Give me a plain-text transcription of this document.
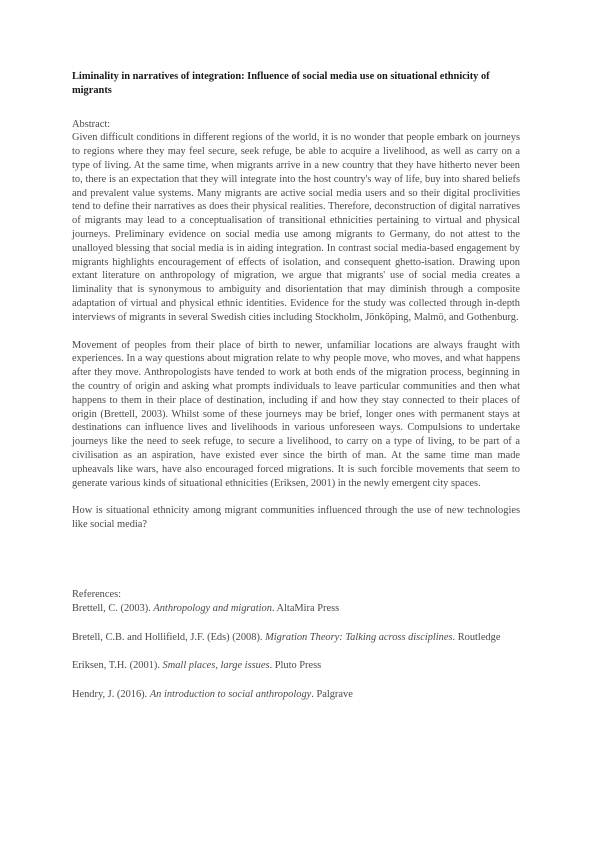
Liminality in narratives of integration: Influence of social media use on situational ethnicity of migrants

Abstract:

Given difficult conditions in different regions of the world, it is no wonder that people embark on journeys to regions where they may feel secure, seek refuge, be able to acquire a livelihood, as well as carry on a type of living. At the same time, when migrants arrive in a new country that they have hitherto never been to, there is an expectation that they will integrate into the host country's way of life, buy into shared beliefs and prevalent value systems. Many migrants are active social media users and so their digital proclivities tend to define their narratives as does their physical realities. Therefore, deconstruction of digital narratives of migrants may lead to a conceptualisation of transitional ethnicities pertaining to virtual and physical journeys. Preliminary evidence on social media use among migrants to Germany, do not attest to the unalloyed blessing that social media is in aiding integration. In contrast social media-based engagement by migrants highlights encouragement of effects of isolation, and consequent ghetto-isation. Drawing upon extant literature on anthropology of migration, we argue that migrants' use of social media creates a liminality that is synonymous to ambiguity and disorientation that may diminish through a composite adaptation of virtual and physical ethnic identities. Evidence for the study was collected through in-depth interviews of migrants in several Swedish cities including Stockholm, Jönköping, Malmö, and Gothenburg.

Movement of peoples from their place of birth to newer, unfamiliar locations are always fraught with experiences. In a way questions about migration relate to why people move, who moves, and what happens after they move. Anthropologists have tended to work at both ends of the migration process, beginning in the country of origin and asking what prompts individuals to leave particular communities and then what happens to them in their place of destination, including if and how they stay connected to their places of origin (Brettell, 2003). Whilst some of these journeys may be brief, longer ones with permanent stays at destinations can influence lives and livelihoods in various unforeseen ways. Compulsions to undertake journeys like the need to seek refuge, to secure a livelihood, to carry on a type of living, to be part of a civilisation as an aspiration, have existed ever since the birth of man. At the same time man made upheavals like wars, have also encouraged forced migrations. It is such forcible movements that seem to generate various kinds of situational ethnicities (Eriksen, 2001) in the newly emergent city spaces.

How is situational ethnicity among migrant communities influenced through the use of new technologies like social media?

References:

Brettell, C. (2003). Anthropology and migration. AltaMira Press

Bretell, C.B. and Hollifield, J.F. (Eds) (2008). Migration Theory: Talking across disciplines. Routledge

Eriksen, T.H. (2001). Small places, large issues. Pluto Press

Hendry, J. (2016). An introduction to social anthropology. Palgrave
